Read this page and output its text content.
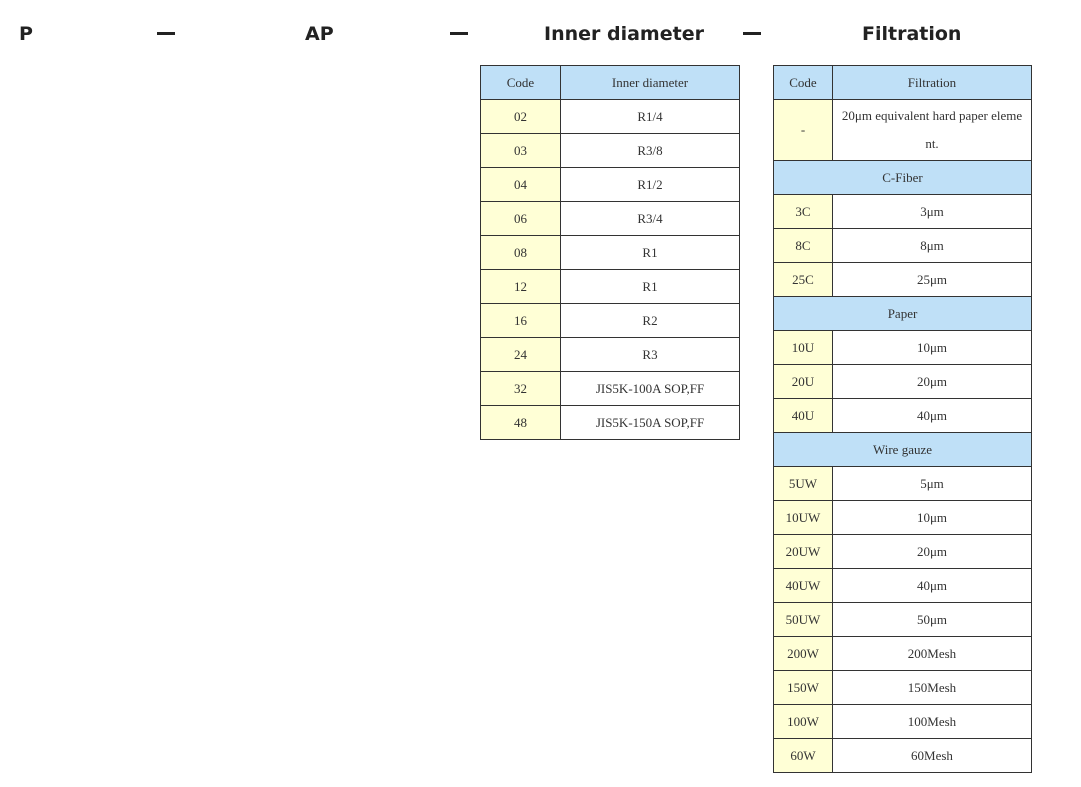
P	AP	Inner diameter	Filtration
Code	Inner diameter
02	R1/4
03	R3/8
04	R1/2
06	R3/4
08	R1
12	R1
16	R2
24	R3
32	JIS5K-100A SOP,FF
48	JIS5K-150A SOP,FF
Code	Filtration
-	20μm equivalent hard paper element.
C-Fiber	
3C	3μm
8C	8μm
25C	25μm
Paper	
10U	10μm
20U	20μm
40U	40μm
Wire gauze	
5UW	5μm
10UW	10μm
20UW	20μm
40UW	40μm
50UW	50μm
200W	200Mesh
150W	150Mesh
100W	100Mesh
60W	60Mesh
